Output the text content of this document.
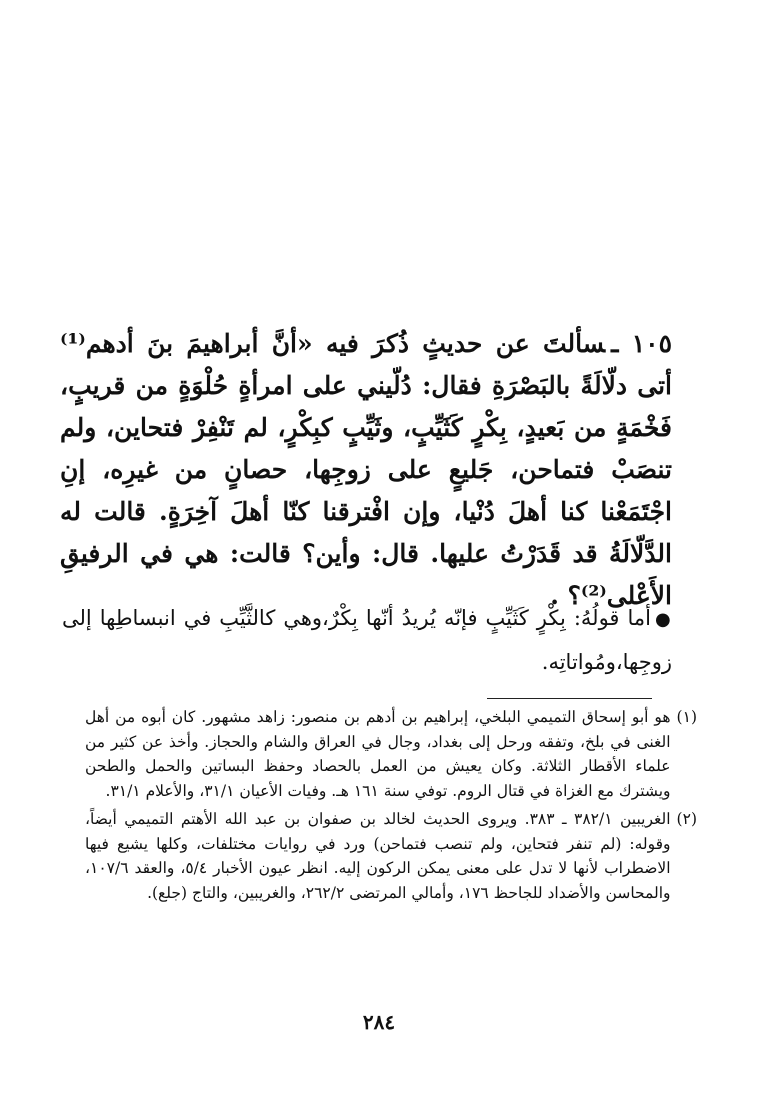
١٠٥ ـسألتَ عن حديثٍ ذُكرَ فيه «أنَّ أبراهيمَ بنَ أدهم⁽¹⁾ أتى دلّالَةً بالبَصْرَةِ فقال: دُلّيني على امرأةٍ حُلْوَةٍ من قريبٍ، فَخْمَةٍ من بَعيدٍ، بِكْرٍ كَثَيِّبٍ، وثَيِّبٍ كبِكْرٍ، لم تَنْفِرْ فتحاين، ولم تنصَبْ فتماحن، جَليعٍ على زوجِها، حصانٍ من غيرِه، إنِ اجْتَمَعْنا كنا أهلَ دُنْيا، وإن افْترقنا كنّا أهلَ آخِرَةٍ. قالت له الدَّلّالَةُ قد قَدَرْتُ عليها. قال: وأين؟ قالت: هي في الرفيقِ الأَعْلى⁽²⁾؟ .

●أما قولُهُ: بِكْرٍ كَثَيِّبٍ فإنّه يُريدُ أنّها بِكْرٌ،وهي كالثَّيِّبِ في انبساطِها إلى زوجِها،ومُواتاتِه.

(١)
هو أبو إسحاق التميمي البلخي، إبراهيم بن أدهم بن منصور: زاهد مشهور. كان أبوه من أهل الغنى في بلخ، وتفقه ورحل إلى بغداد، وجال في العراق والشام والحجاز. وأخذ عن كثير من علماء الأقطار الثلاثة. وكان يعيش من العمل بالحصاد وحفظ البساتين والحمل والطحن ويشترك مع الغزاة في قتال الروم. توفي سنة ١٦١ هـ. وفيات الأعيان ٣١/١، والأعلام ٣١/١.
(٢)
الغريبين ٣٨٢/١ ـ ٣٨٣. ويروى الحديث لخالد بن صفوان بن عبد الله الأهتم التميمي أيضاً، وقوله: (لم تنفر فتحاين، ولم تنصب فتماحن) ورد في روايات مختلفات، وكلها يشيع فيها الاضطراب لأنها لا تدل على معنى يمكن الركون إليه. انظر عيون الأخبار ٥/٤، والعقد ١٠٧/٦، والمحاسن والأضداد للجاحظ ١٧٦، وأمالي المرتضى ٢٦٢/٢، والغريبين، والتاج (جلع).
٢٨٤
